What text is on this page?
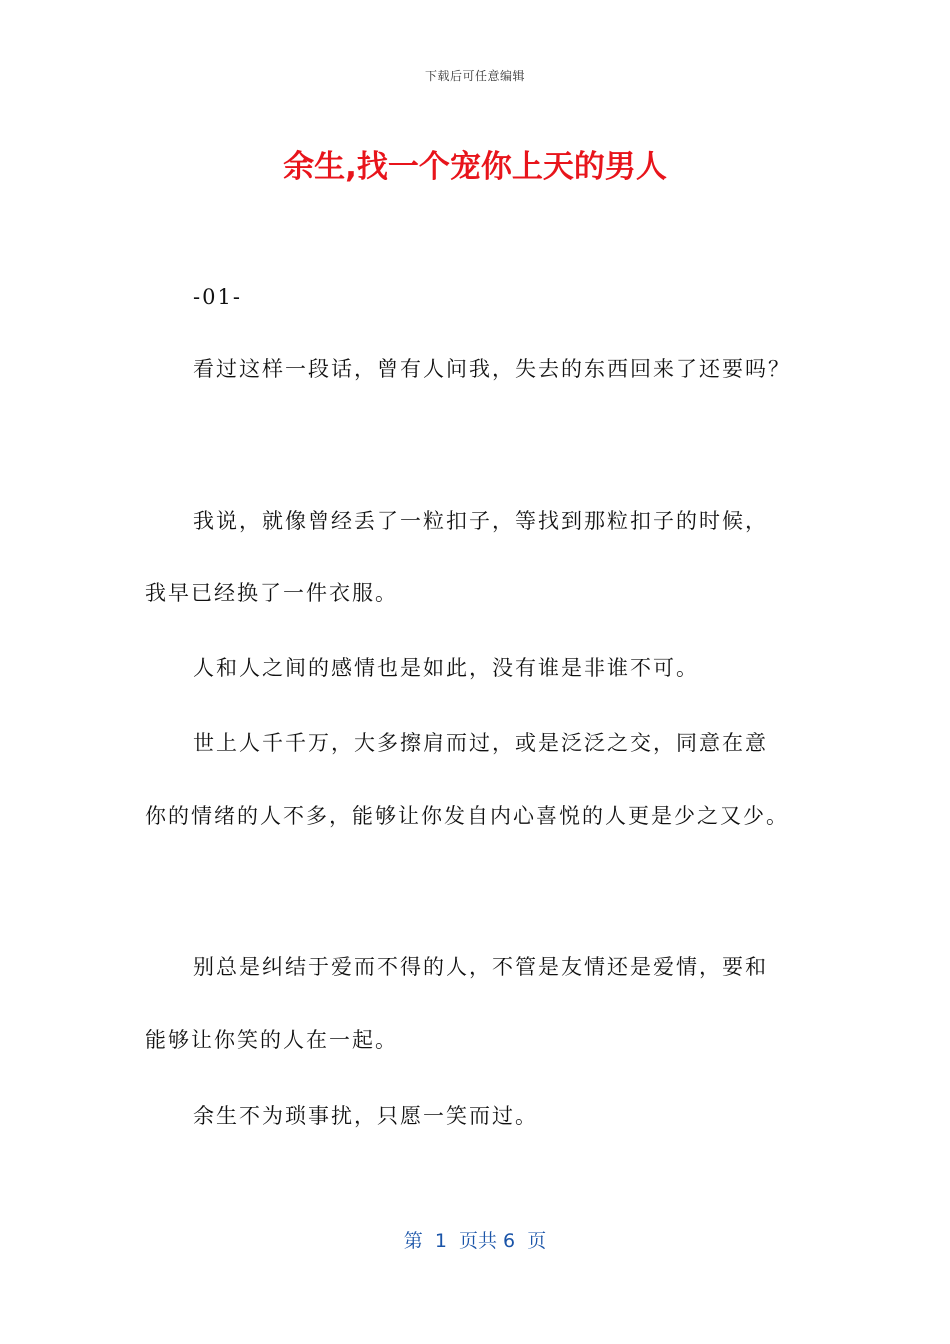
下载后可任意编辑
余生,找一个宠你上天的男人
-01-
看过这样一段话，曾有人问我，失去的东西回来了还要吗？
我说，就像曾经丢了一粒扣子，等找到那粒扣子的时候，
我早已经换了一件衣服。
人和人之间的感情也是如此，没有谁是非谁不可。
世上人千千万，大多擦肩而过，或是泛泛之交，同意在意
你的情绪的人不多，能够让你发自内心喜悦的人更是少之又少。
别总是纠结于爱而不得的人，不管是友情还是爱情，要和
能够让你笑的人在一起。
余生不为琐事扰，只愿一笑而过。
第  1  页共 6  页
